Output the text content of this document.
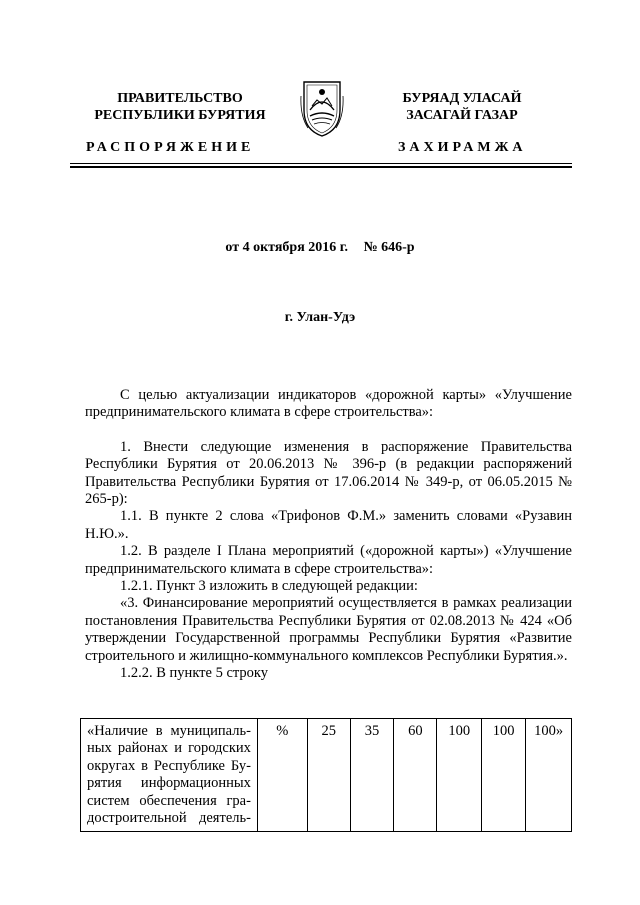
ПРАВИТЕЛЬСТВО
РЕСПУБЛИКИ БУРЯТИЯ
БУРЯАД УЛАСАЙ
ЗАСАГАЙ ГАЗАР
РАСПОРЯЖЕНИЕ	ЗАХИРАМЖА
от 4 октября 2016 г. № 646-р
г. Улан-Удэ

С целью актуализации индикаторов «дорожной карты» «Улучшение предпринимательского климата в сфере строительства»:

1. Внести следующие изменения в распоряжение Правительства Республики Бурятия от 20.06.2013 № 396-р (в редакции распоряжений Правительства Республики Бурятия от 17.06.2014 № 349-р, от 06.05.2015 № 265-р):

1.1. В пункте 2 слова «Трифонов Ф.М.» заменить словами «Рузавин Н.Ю.».

1.2. В разделе I Плана мероприятий («дорожной карты») «Улучшение предпринимательского климата в сфере строительства»:

1.2.1. Пункт 3 изложить в следующей редакции:

«3. Финансирование мероприятий осуществляется в рамках реализации постановления Правительства Республики Бурятия от 02.08.2013 № 424 «Об утверждении Государственной программы Республики Бурятия «Развитие строительного и жилищно-коммунального комплексов Республики Бурятия.».

1.2.2. В пункте 5 строку

«Наличие в муниципаль-
ных районах и городских
округах в Республике Бу-
рятия информационных
систем обеспечения гра-
достроительной деятель-
	%	25	35	60	100	100	100»
